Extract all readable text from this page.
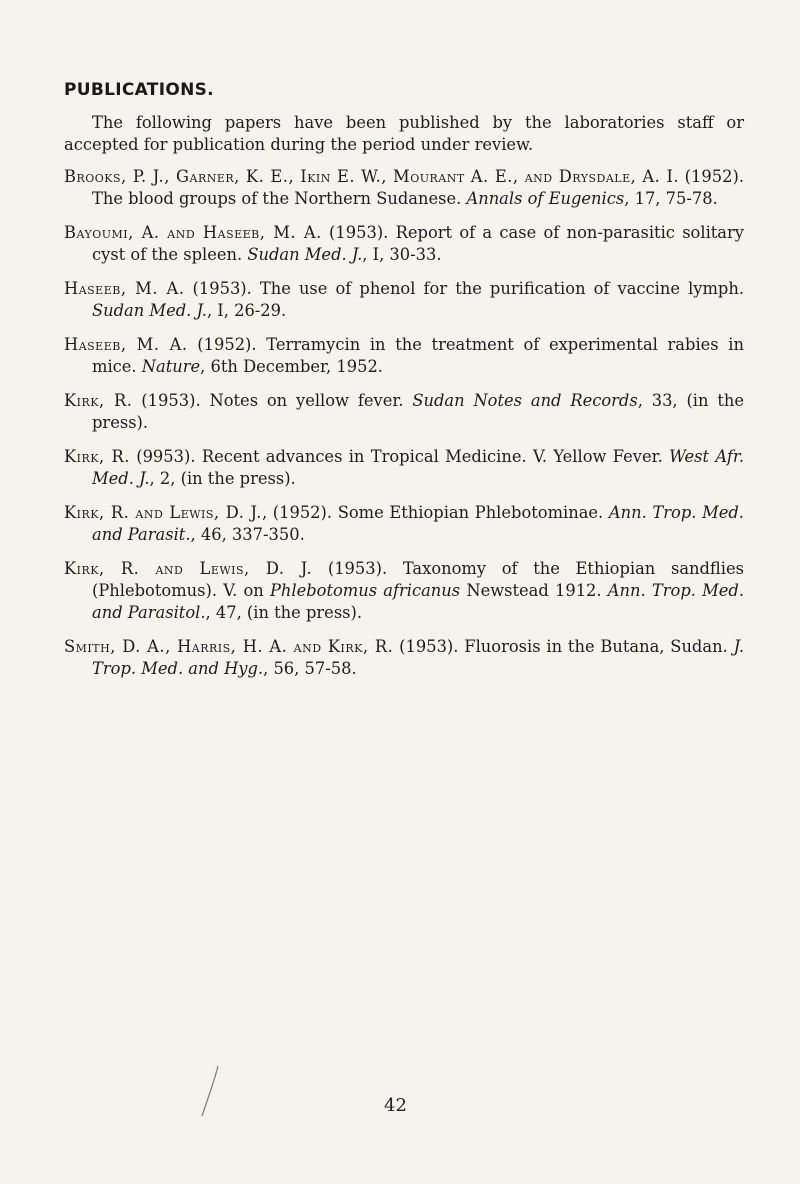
PUBLICATIONS.
The following papers have been published by the laboratories staff or accepted for publication during the period under review.

Brooks, P. J., Garner, K. E., Ikin E. W., Mourant A. E., and Drysdale, A. I. (1952). The blood groups of the Northern Sudanese. Annals of Eugenics, 17, 75-78.

Bayoumi, A. and Haseeb, M. A. (1953). Report of a case of non-parasitic solitary cyst of the spleen. Sudan Med. J., I, 30-33.

Haseeb, M. A. (1953). The use of phenol for the purification of vaccine lymph. Sudan Med. J., I, 26-29.

Haseeb, M. A. (1952). Terramycin in the treatment of experimental rabies in mice. Nature, 6th December, 1952.

Kirk, R. (1953). Notes on yellow fever. Sudan Notes and Records, 33, (in the press).

Kirk, R. (9953). Recent advances in Tropical Medicine. V. Yellow Fever. West Afr. Med. J., 2, (in the press).

Kirk, R. and Lewis, D. J., (1952). Some Ethiopian Phlebotominae. Ann. Trop. Med. and Parasit., 46, 337-350.

Kirk, R. and Lewis, D. J. (1953). Taxonomy of the Ethiopian sandflies (Phlebotomus). V. on Phlebotomus africanus Newstead 1912. Ann. Trop. Med. and Parasitol., 47, (in the press).

Smith, D. A., Harris, H. A. and Kirk, R. (1953). Fluorosis in the Butana, Sudan. J. Trop. Med. and Hyg., 56, 57-58.

42
